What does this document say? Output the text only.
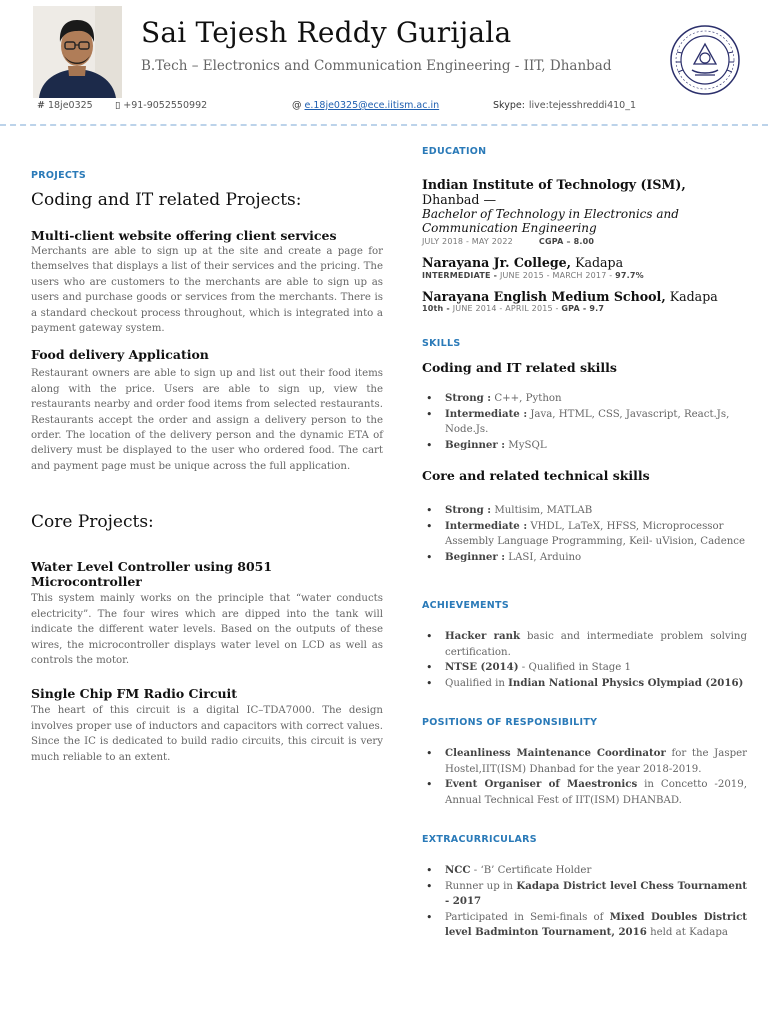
Sai Tejesh Reddy Gurijala
B.Tech – Electronics and Communication Engineering - IIT, Dhanbad
# 18je0325 ▯ +91-9052550992	@ e.18je0325@ece.iitism.ac.in	Skype: live:tejesshreddi410_1
PROJECTS
Coding and IT related Projects:
Multi-client website offering client services
Merchants are able to sign up at the site and create a page for themselves that displays a list of their services and the pricing. The users who are customers to the merchants are able to sign up as users and purchase goods or services from the merchants. There is a standard checkout process throughout, which is integrated into a payment gateway system.
Food delivery Application
Restaurant owners are able to sign up and list out their food items along with the price. Users are able to sign up, view the restaurants nearby and order food items from selected restaurants. Restaurants accept the order and assign a delivery person to the order. The location of the delivery person and the dynamic ETA of delivery must be displayed to the user who ordered food. The cart and payment page must be unique across the full application.
Core Projects:
Water Level Controller using 8051 Microcontroller
This system mainly works on the principle that “water conducts electricity”. The four wires which are dipped into the tank will indicate the different water levels. Based on the outputs of these wires, the microcontroller displays water level on LCD as well as controls the motor.
Single Chip FM Radio Circuit
The heart of this circuit is a digital IC–TDA7000. The design involves proper use of inductors and capacitors with correct values. Since the IC is dedicated to build radio circuits, this circuit is very much reliable to an extent.
EDUCATION
Indian Institute of Technology (ISM), Dhanbad —
Bachelor of Technology in Electronics and Communication Engineering
JULY 2018 - MAY 2022	CGPA – 8.00
Narayana Jr. College, Kadapa
INTERMEDIATE - JUNE 2015 - MARCH 2017 - 97.7%
Narayana English Medium School, Kadapa
10th - JUNE 2014 - APRIL 2015 - GPA - 9.7
SKILLS
Coding and IT related skills
• Strong : C++, Python
• Intermediate : Java, HTML, CSS, Javascript, React.Js, Node.Js.
• Beginner : MySQL
Core and related technical skills
• Strong : Multisim, MATLAB
• Intermediate : VHDL, LaTeX, HFSS, Microprocessor Assembly Language Programming, Keil- uVision, Cadence
• Beginner : LASI, Arduino
ACHIEVEMENTS
• Hacker rank basic and intermediate problem solving certification.
• NTSE (2014) - Qualified in Stage 1
• Qualified in Indian National Physics Olympiad (2016)
POSITIONS OF RESPONSIBILITY
• Cleanliness Maintenance Coordinator for the Jasper Hostel,IIT(ISM) Dhanbad for the year 2018-2019.
• Event Organiser of Maestronics in Concetto -2019, Annual Technical Fest of IIT(ISM) DHANBAD.
EXTRACURRICULARS
• NCC - ‘B’ Certificate Holder
• Runner up in Kadapa District level Chess Tournament - 2017
• Participated in Semi-finals of Mixed Doubles District level Badminton Tournament, 2016 held at Kadapa
